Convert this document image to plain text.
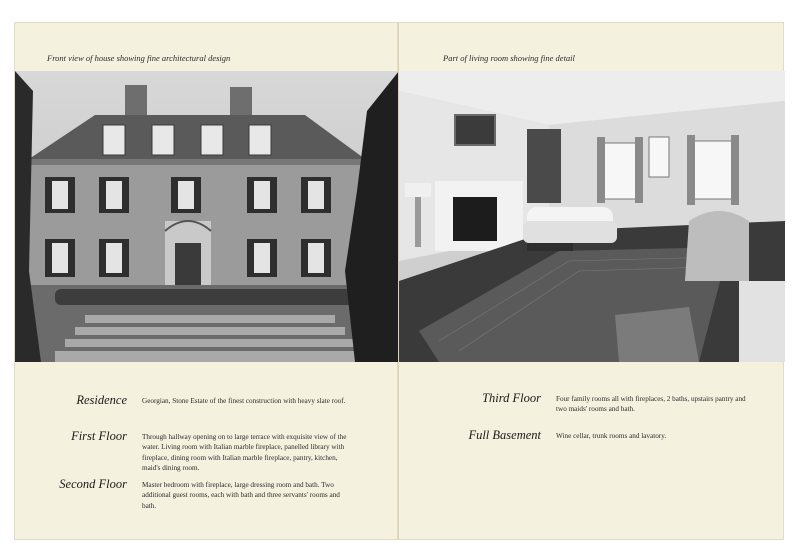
Front view of house showing fine architectural design
Residence Georgian, Stone Estate of the finest construction with heavy slate roof.
First Floor Through hallway opening on to large terrace with exquisite view of the water. Living room with Italian marble fireplace, panelled library with fireplace, dining room with Italian marble fireplace, pantry, kitchen, maid's dining room.
Second Floor Master bedroom with fireplace, large dressing room and bath. Two additional guest rooms, each with bath and three servants' rooms and bath.
Part of living room showing fine detail
Third Floor Four family rooms all with fireplaces, 2 baths, upstairs pantry and two maids' rooms and bath.
Full Basement Wine cellar, trunk rooms and lavatory.
